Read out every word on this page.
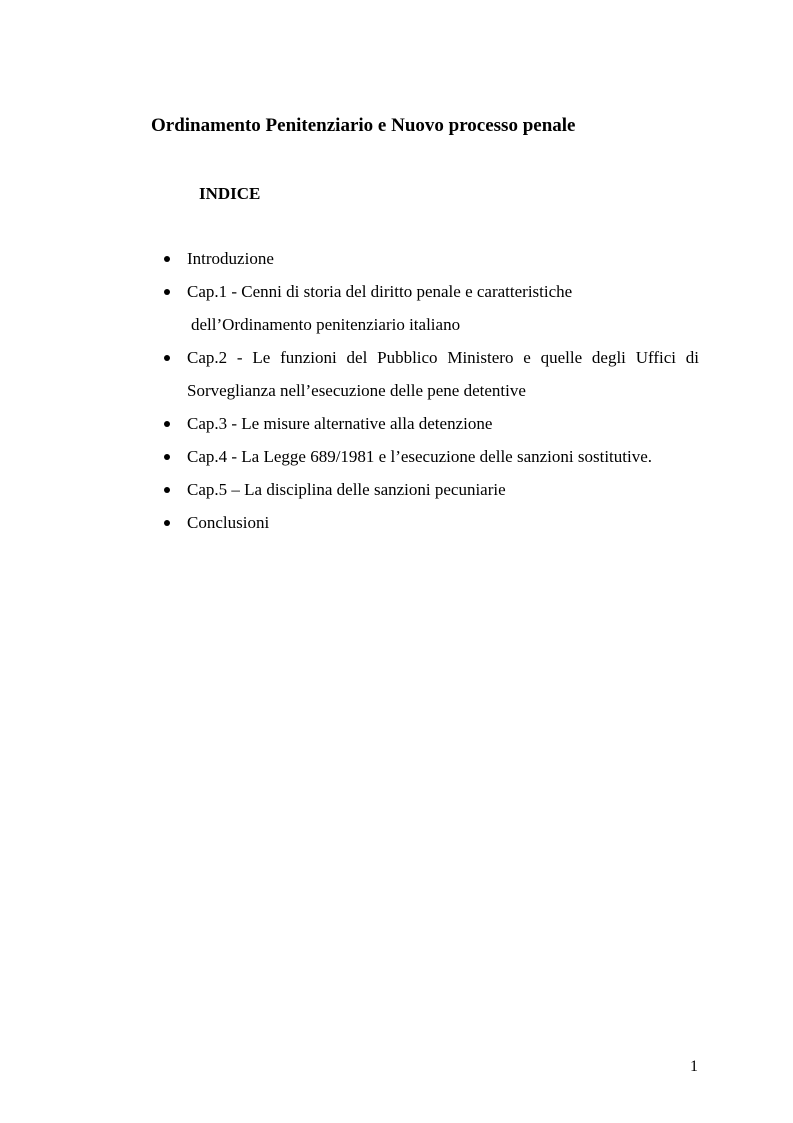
Ordinamento Penitenziario e Nuovo processo penale
INDICE
Introduzione
Cap.1 - Cenni di storia del diritto penale e caratteristiche
dell’Ordinamento penitenziario italiano
Cap.2 - Le funzioni del Pubblico Ministero e quelle degli Uffici di
Sorveglianza nell’esecuzione delle pene detentive
Cap.3 - Le misure alternative alla detenzione
Cap.4 - La Legge 689/1981 e l’esecuzione delle sanzioni sostitutive.
Cap.5 – La disciplina delle sanzioni pecuniarie
Conclusioni

1
